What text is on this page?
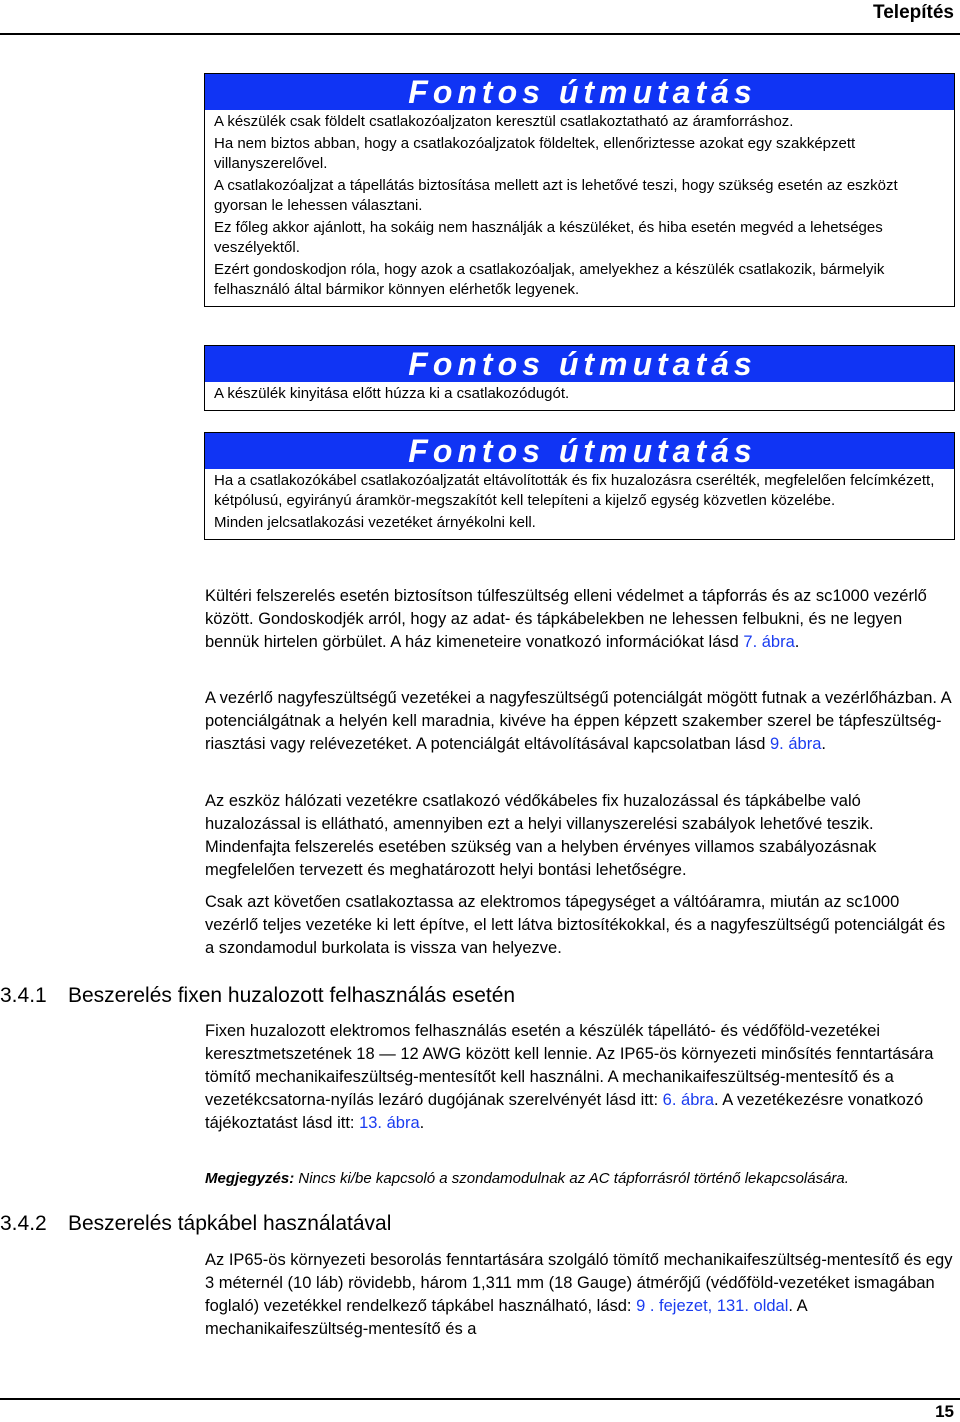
Telepítés
Fontos útmutatás

A készülék csak földelt csatlakozóaljzaton keresztül csatlakoztatható az áramforráshoz.

Ha nem biztos abban, hogy a csatlakozóaljzatok földeltek, ellenőriztesse azokat egy szakképzett villanyszerelővel.

A csatlakozóaljzat a tápellátás biztosítása mellett azt is lehetővé teszi, hogy szükség esetén az eszközt gyorsan le lehessen választani.

Ez főleg akkor ajánlott, ha sokáig nem használják a készüléket, és hiba esetén megvéd a lehetséges veszélyektől.

Ezért gondoskodjon róla, hogy azok a csatlakozóaljak, amelyekhez a készülék csatlakozik, bármelyik felhasználó által bármikor könnyen elérhetők legyenek.

Fontos útmutatás

A készülék kinyitása előtt húzza ki a csatlakozódugót.

Fontos útmutatás

Ha a csatlakozókábel csatlakozóaljzatát eltávolították és fix huzalozásra cserélték, megfelelően felcímkézett, kétpólusú, egyirányú áramkör-megszakítót kell telepíteni a kijelző egység közvetlen közelébe.

Minden jelcsatlakozási vezetéket árnyékolni kell.

Kültéri felszerelés esetén biztosítson túlfeszültség elleni védelmet a tápforrás és az sc1000 vezérlő között. Gondoskodjék arról, hogy az adat- és tápkábelekben ne lehessen felbukni, és ne legyen bennük hirtelen görbület. A ház kimeneteire vonatkozó információkat lásd 7. ábra.

A vezérlő nagyfeszültségű vezetékei a nagyfeszültségű potenciálgát mögött futnak a vezérlőházban. A potenciálgátnak a helyén kell maradnia, kivéve ha éppen képzett szakember szerel be tápfeszültség- riasztási vagy relévezetéket. A potenciálgát eltávolításával kapcsolatban lásd 9. ábra.

Az eszköz hálózati vezetékre csatlakozó védőkábeles fix huzalozással és tápkábelbe való huzalozással is ellátható, amennyiben ezt a helyi villanyszerelési szabályok lehetővé teszik. Mindenfajta felszerelés esetében szükség van a helyben érvényes villamos szabályozásnak megfelelően tervezett és meghatározott helyi bontási lehetőségre.

Csak azt követően csatlakoztassa az elektromos tápegységet a váltóáramra, miután az sc1000 vezérlő teljes vezetéke ki lett építve, el lett látva biztosítékokkal, és a nagyfeszültségű potenciálgát és a szondamodul burkolata is vissza van helyezve.

3.4.1 Beszerelés fixen huzalozott felhasználás esetén

Fixen huzalozott elektromos felhasználás esetén a készülék tápellátó- és védőföld-vezetékei keresztmetszetének 18 — 12 AWG között kell lennie. Az IP65-ös környezeti minősítés fenntartására tömítő mechanikaifeszültség-mentesítőt kell használni. A mechanikaifeszültség-mentesítő és a vezetékcsatorna-nyílás lezáró dugójának szerelvényét lásd itt: 6. ábra. A vezetékezésre vonatkozó tájékoztatást lásd itt: 13. ábra.

Megjegyzés: Nincs ki/be kapcsoló a szondamodulnak az AC tápforrásról történő lekapcsolására.

3.4.2 Beszerelés tápkábel használatával

Az IP65-ös környezeti besorolás fenntartására szolgáló tömítő mechanikaifeszültség-mentesítő és egy 3 méternél (10 láb) rövidebb, három 1,311 mm (18 Gauge) átmérőjű (védőföld-vezetéket ismagában foglaló) vezetékkel rendelkező tápkábel használható, lásd: 9 . fejezet, 131. oldal. A mechanikaifeszültség-mentesítő és a

15
